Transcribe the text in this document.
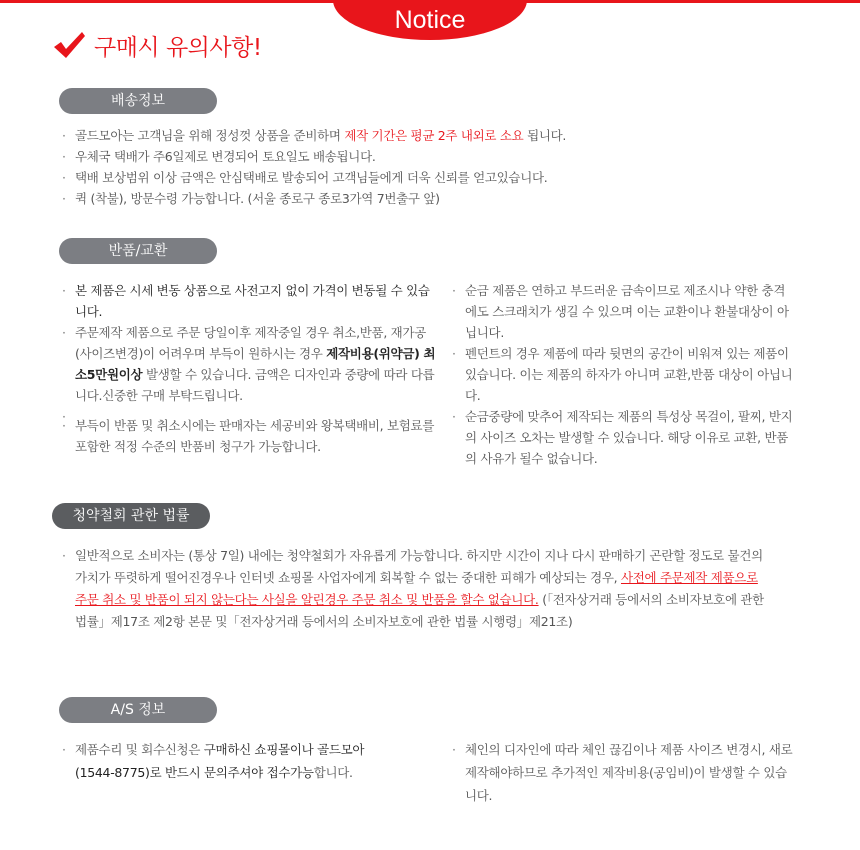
Notice
구매시 유의사항!
배송정보
· 골드모아는 고객님을 위해 정성껏 상품을 준비하며 제작 기간은 평균 2주 내외로 소요 됩니다.
· 우체국 택배가 주6일제로 변경되어 토요일도 배송됩니다.
· 택배 보상범위 이상 금액은 안심택배로 발송되어 고객님들에게 더욱 신뢰를 얻고있습니다.
· 퀵 (착불), 방문수령 가능합니다. (서울 종로구 종로3가역 7번출구 앞)
반품/교환
· 본 제품은 시세 변동 상품으로 사전고지 없이 가격이 변동될 수 있습니다.
· 주문제작 제품으로 주문 당일이후 제작중일 경우 취소,반품, 재가공(사이즈변경)이 어려우며 부득이 원하시는 경우 제작비용(위약금) 최소5만원이상 발생할 수 있습니다. 금액은 디자인과 중량에 따라 다릅니다.신중한 구매 부탁드립니다.
·
· 부득이 반품 및 취소시에는 판매자는 세공비와 왕복택배비, 보험료를 포함한 적정 수준의 반품비 청구가 가능합니다.
· 순금 제품은 연하고 부드러운 금속이므로 제조시나 약한 충격에도 스크래치가 생길 수 있으며 이는 교환이나 환불대상이 아닙니다.
· 펜던트의 경우 제품에 따라 뒷면의 공간이 비워져 있는 제품이 있습니다. 이는 제품의 하자가 아니며 교환,반품 대상이 아닙니다.
· 순금중량에 맞추어 제작되는 제품의 특성상 목걸이, 팔찌, 반지의 사이즈 오차는 발생할 수 있습니다. 해당 이유로 교환, 반품의 사유가 될수 없습니다.
청약철회 관한 법률
· 일반적으로 소비자는 (통상 7일) 내에는 청약철회가 자유롭게 가능합니다. 하지만 시간이 지나 다시 판매하기 곤란할 정도로 물건의 가치가 뚜렷하게 떨어진경우나 인터넷 쇼핑몰 사업자에게 회복할 수 없는 중대한 피해가 예상되는 경우, 사전에 주문제작 제품으로 주문 취소 및 반품이 되지 않는다는 사실을 알린경우 주문 취소 및 반품을 할수 없습니다. (「전자상거래 등에서의 소비자보호에 관한 법률」제17조 제2항 본문 및「전자상거래 등에서의 소비자보호에 관한 법률 시행령」제21조)
A/S 정보
· 제품수리 및 회수신청은 구매하신 쇼핑몰이나 골드모아(1544-8775)로 반드시 문의주셔야 접수가능합니다.
· 체인의 디자인에 따라 체인 끊김이나 제품 사이즈 변경시, 새로 제작해야하므로 추가적인 제작비용(공임비)이 발생할 수 있습니다.
